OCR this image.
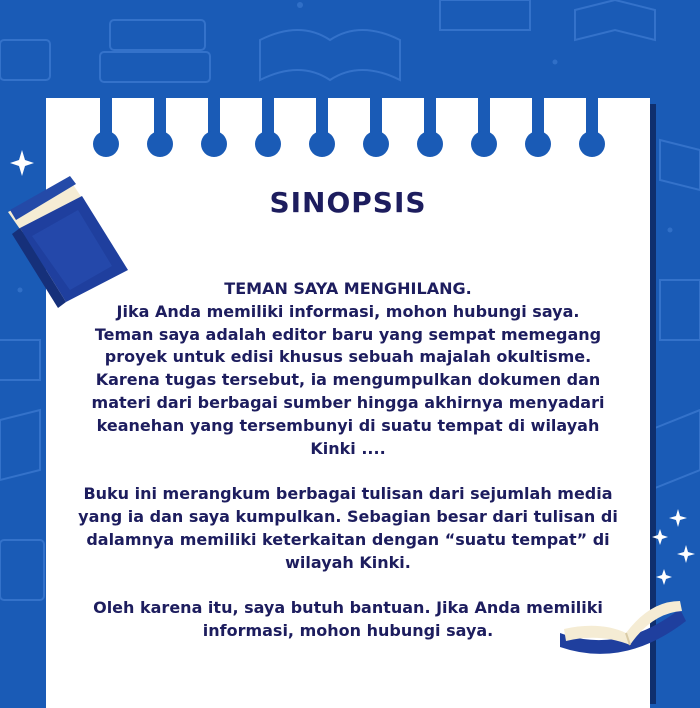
SINOPSIS
TEMAN SAYA MENGHILANG.
Jika Anda memiliki informasi, mohon hubungi saya.
Teman saya adalah editor baru yang sempat memegang
proyek untuk edisi khusus sebuah majalah okultisme.
Karena tugas tersebut, ia mengumpulkan dokumen dan
materi dari berbagai sumber hingga akhirnya menyadari
keanehan yang tersembunyi di suatu tempat di wilayah
Kinki ....
Buku ini merangkum berbagai tulisan dari sejumlah media
yang ia dan saya kumpulkan. Sebagian besar dari tulisan di
dalamnya memiliki keterkaitan dengan “suatu tempat” di
wilayah Kinki.
Oleh karena itu, saya butuh bantuan. Jika Anda memiliki
informasi, mohon hubungi saya.
